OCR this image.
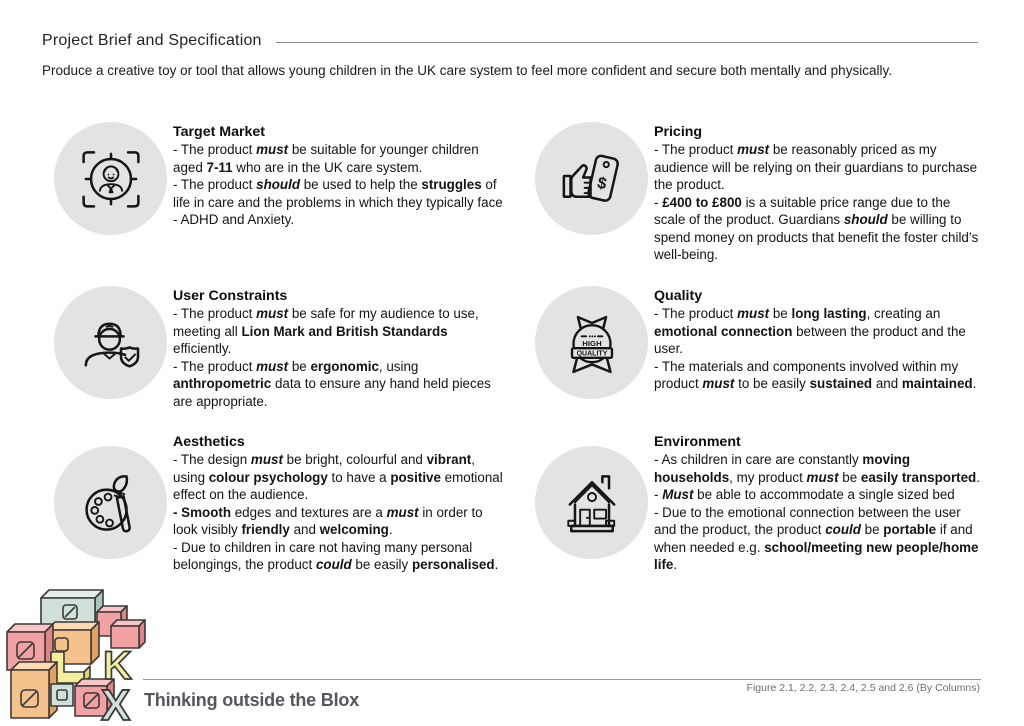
Project Brief and Specification

Produce a creative toy or tool that allows young children in the UK care system to feel more confident and secure both mentally and physically.

Target Market

- The product must be suitable for younger children aged 7-11 who are in the UK care system.

- The product should be used to help the struggles of life in care and the problems in which they typically face - ADHD and Anxiety.

User Constraints

- The product must be safe for my audience to use, meeting all Lion Mark and British Standards efficiently.

- The product must be ergonomic, using anthropometric data to ensure any hand held pieces are appropriate.

Aesthetics

- The design must be bright, colourful and vibrant, using colour psychology to have a positive emotional effect on the audience.

- Smooth edges and textures are a must in order to look visibly friendly and welcoming.

- Due to children in care not having many personal belongings, the product could be easily personalised.

$
Pricing

- The product must be reasonably priced as my audience will be relying on their guardians to purchase the product.

- £400 to £800 is a suitable price range due to the scale of the product. Guardians should be willing to spend money on products that benefit the foster child’s well-being.

HIGH
QUALITY
Quality

- The product must be long lasting, creating an emotional connection between the product and the user.

- The materials and components involved within my product must to be easily sustained and maintained.

Environment

- As children in care are constantly moving households, my product must be easily transported.

- Must be able to accommodate a single sized bed

- Due to the emotional connection between the user and the product, the product could be portable if and when needed e.g. school/meeting new people/home life.

K
X Thinking outside the Blox
Figure 2.1, 2.2, 2.3, 2.4, 2.5 and 2.6 (By Columns)
